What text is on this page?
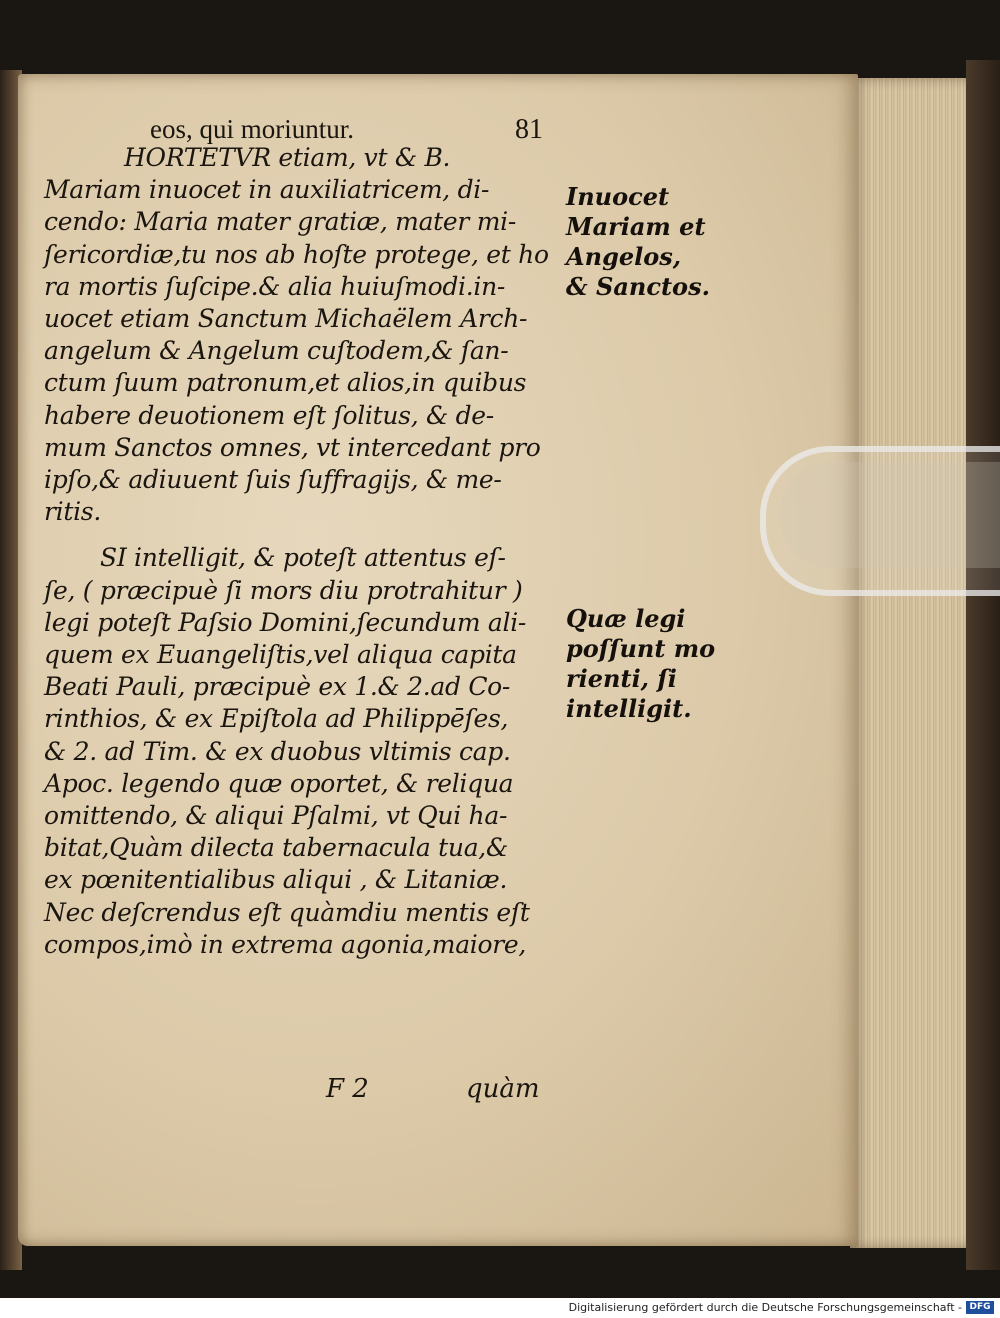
eos, qui moriuntur.	81
HORTETVR etiam, vt & B.
Mariam inuocet in auxiliatricem, di-
cendo: Maria mater gratiæ, mater mi-
ſericordiæ,tu nos ab hoſte protege, et ho
ra mortis ſuſcipe.& alia huiuſmodi.in-
uocet etiam Sanctum Michaëlem Arch-
angelum & Angelum cuſtodem,& ſan-
ctum ſuum patronum,et alios,in quibus
habere deuotionem eſt ſolitus, & de-
mum Sanctos omnes, vt intercedant pro
ipſo,& adiuuent ſuis ſuffragijs, & me-
ritis.
SI intelligit, & poteſt attentus eſ-
ſe, ( præcipuè ſi mors diu protrahitur )
legi poteſt Paſsio Domini,ſecundum ali-
quem ex Euangeliſtis,vel aliqua capita
Beati Pauli, præcipuè ex 1.& 2.ad Co-
rinthios, & ex Epiſtola ad Philippēſes,
& 2. ad Tim. & ex duobus vltimis cap.
Apoc. legendo quæ oportet, & reliqua
omittendo, & aliqui Pſalmi, vt Qui ha-
bitat,Quàm dilecta tabernacula tua,&
ex pœnitentialibus aliqui , & Litaniæ.
Nec deſcrendus eſt quàmdiu mentis eſt
compos,imò in extrema agonia,maiore,
Inuocet
Mariam et
Angelos,
& Sanctos.
Quæ legi
poſſunt mo
rienti, ſi
intelligit.
F 2	quàm
Digitalisierung gefördert durch die Deutsche Forschungsgemeinschaft - DFG
